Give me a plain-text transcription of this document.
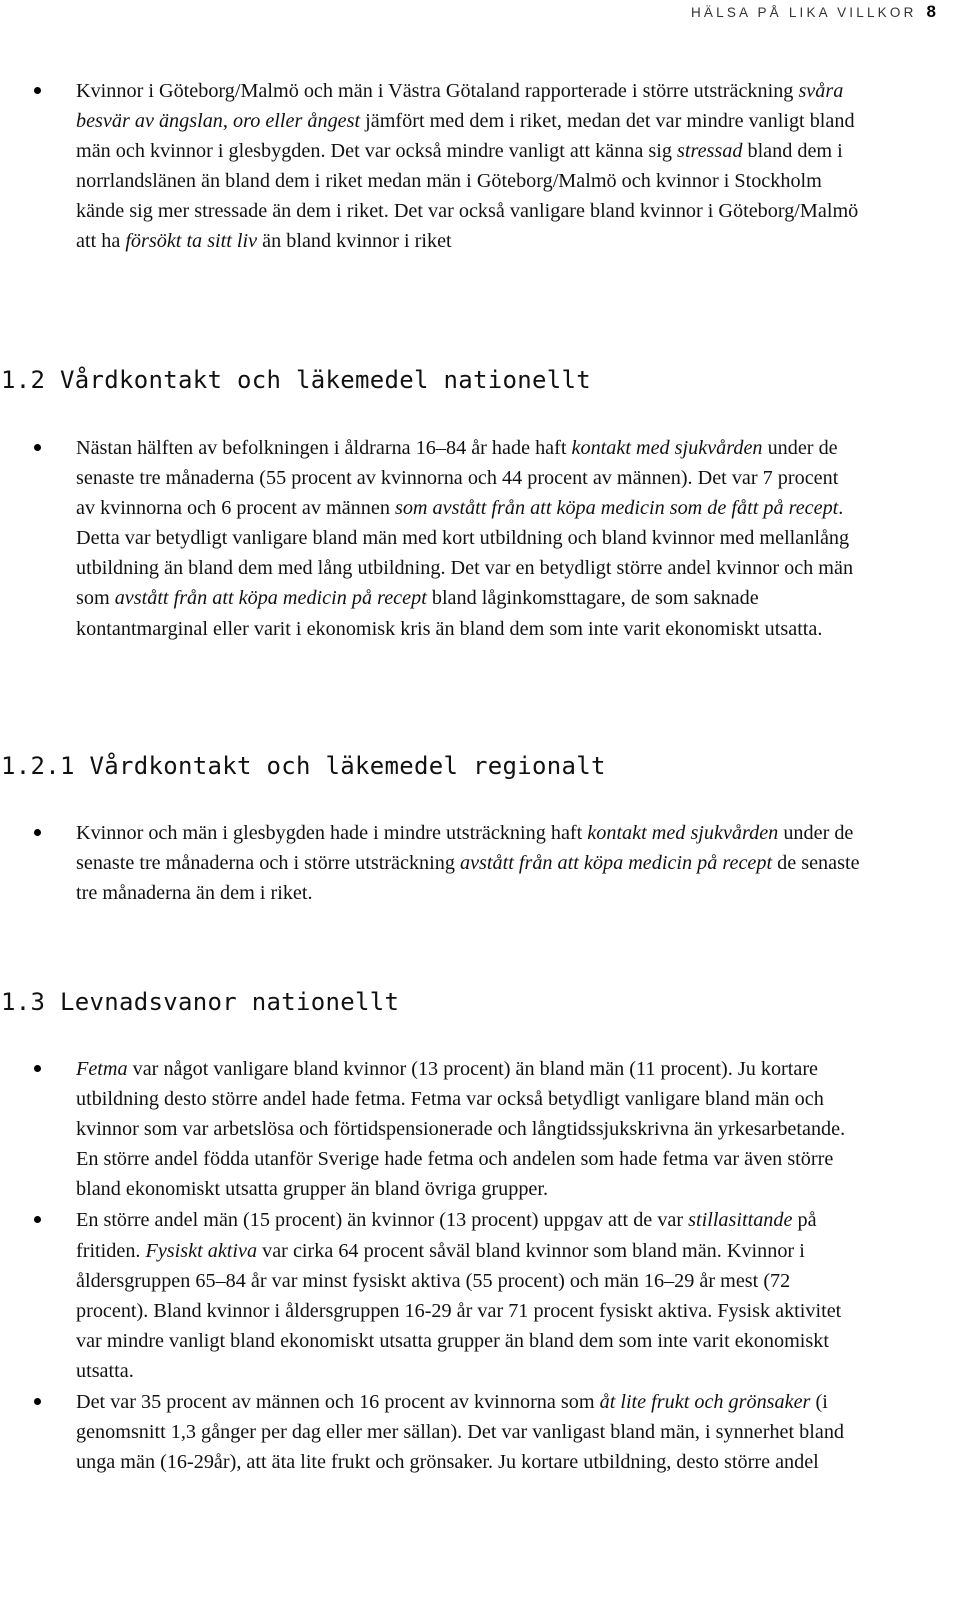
HÄLSA PÅ LIKA VILLKOR 8
Kvinnor i Göteborg/Malmö och män i Västra Götaland rapporterade i större utsträckning svåra besvär av ängslan, oro eller ångest jämfört med dem i riket, medan det var mindre vanligt bland män och kvinnor i glesbygden. Det var också mindre vanligt att känna sig stressad bland dem i norrlandslänen än bland dem i riket medan män i Göteborg/Malmö och kvinnor i Stockholm kände sig mer stressade än dem i riket. Det var också vanligare bland kvinnor i Göteborg/Malmö att ha försökt ta sitt liv än bland kvinnor i riket
1.2 Vårdkontakt och läkemedel nationellt
Nästan hälften av befolkningen i åldrarna 16–84 år hade haft kontakt med sjukvården under de senaste tre månaderna (55 procent av kvinnorna och 44 procent av männen). Det var 7 procent av kvinnorna och 6 procent av männen som avstått från att köpa medicin som de fått på recept. Detta var betydligt vanligare bland män med kort utbildning och bland kvinnor med mellanlång utbildning än bland dem med lång utbildning. Det var en betydligt större andel kvinnor och män som avstått från att köpa medicin på recept bland låginkomsttagare, de som saknade kontantmarginal eller varit i ekonomisk kris än bland dem som inte varit ekonomiskt utsatta.
1.2.1 Vårdkontakt och läkemedel regionalt
Kvinnor och män i glesbygden hade i mindre utsträckning haft kontakt med sjukvården under de senaste tre månaderna och i större utsträckning avstått från att köpa medicin på recept de senaste tre månaderna än dem i riket.
1.3 Levnadsvanor nationellt
Fetma var något vanligare bland kvinnor (13 procent) än bland män (11 procent). Ju kortare utbildning desto större andel hade fetma. Fetma var också betydligt vanligare bland män och kvinnor som var arbetslösa och förtidspensionerade och långtidssjukskrivna än yrkesarbetande. En större andel födda utanför Sverige hade fetma och andelen som hade fetma var även större bland ekonomiskt utsatta grupper än bland övriga grupper.
En större andel män (15 procent) än kvinnor (13 procent) uppgav att de var stillasittande på fritiden. Fysiskt aktiva var cirka 64 procent såväl bland kvinnor som bland män. Kvinnor i åldersgruppen 65–84 år var minst fysiskt aktiva (55 procent) och män 16–29 år mest (72 procent). Bland kvinnor i åldersgruppen 16-29 år var 71 procent fysiskt aktiva. Fysisk aktivitet var mindre vanligt bland ekonomiskt utsatta grupper än bland dem som inte varit ekonomiskt utsatta.
Det var 35 procent av männen och 16 procent av kvinnorna som åt lite frukt och grönsaker (i genomsnitt 1,3 gånger per dag eller mer sällan). Det var vanligast bland män, i synnerhet bland unga män (16-29år), att äta lite frukt och grönsaker. Ju kortare utbildning, desto större andel
